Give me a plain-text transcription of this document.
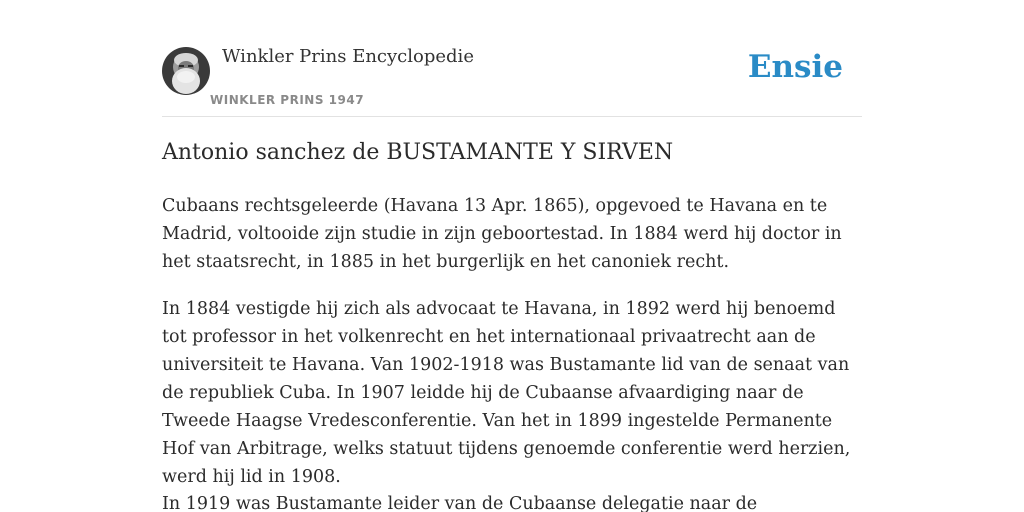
Winkler Prins Encyclopedie
WINKLER PRINS 1947
Ensie
Antonio sanchez de BUSTAMANTE Y SIRVEN

Cubaans rechtsgeleerde (Havana 13 Apr. 1865), opgevoed te Havana en te Madrid, voltooide zijn studie in zijn geboortestad. In 1884 werd hij doctor in het staatsrecht, in 1885 in het burgerlijk en het canoniek recht.

In 1884 vestigde hij zich als advocaat te Havana, in 1892 werd hij benoemd tot professor in het volkenrecht en het internationaal privaatrecht aan de universiteit te Havana. Van 1902-1918 was Bustamante lid van de senaat van de republiek Cuba. In 1907 leidde hij de Cubaanse afvaardiging naar de Tweede Haagse Vredesconferentie. Van het in 1899 ingestelde Permanente Hof van Arbitrage, welks statuut tijdens genoemde conferentie werd herzien, werd hij lid in 1908.

In 1919 was Bustamante leider van de Cubaanse delegatie naar de
